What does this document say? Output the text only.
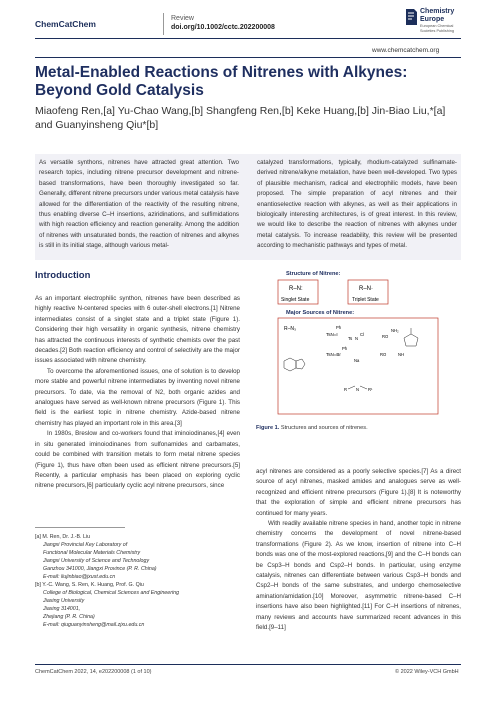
ChemCatChem
Review
doi.org/10.1002/cctc.202200008
Chemistry
Europe
European Chemical
Societies Publishing
www.chemcatchem.org
Metal-Enabled Reactions of Nitrenes with Alkynes: Beyond Gold Catalysis
Miaofeng Ren,[a] Yu-Chao Wang,[b] Shangfeng Ren,[b] Keke Huang,[b] Jin-Biao Liu,*[a] and Guanyinsheng Qiu*[b]
As versatile synthons, nitrenes have attracted great attention. Two research topics, including nitrene precursor development and nitrene-based transformations, have been thoroughly investigated so far. Generally, different nitrene precursors under various metal catalysis have allowed for the differentiation of the reactivity of the resulting nitrene, thus enabling diverse C–H insertions, aziridinations, and sulfimidations with high reaction efficiency and reaction generality. Among the addition of nitrenes with unsaturated bonds, the reaction of nitrenes and alkynes is still in its initial stage, although various metal-
catalyzed transformations, typically, rhodium-catalyzed sulfinamate-derived nitrene/alkyne metalation, have been well-developed. Two types of plausible mechanism, radical and electrophilic models, have been proposed. The simple preparation of acyl nitrenes and their enantioselective reaction with alkynes, as well as their applications in biologically interesting architectures, is of great interest. In this review, we would like to describe the reaction of nitrenes with alkynes under metal catalysis. To increase readability, this review will be presented according to mechanistic pathways and types of metal.
Introduction

As an important electrophilic synthon, nitrenes have been described as highly reactive N-centered species with 6 outer-shell electrons.[1] Nitrene intermediates consist of a singlet state and a triplet state (Figure 1). Considering their high versatility in organic synthesis, nitrene chemistry has attracted the continuous interests of synthetic chemists over the past decades.[2] Both reaction efficiency and control of selectivity are the major issues associated with nitrene chemistry.

To overcome the aforementioned issues, one of solution is to develop more stable and powerful nitrene intermediates by inventing novel nitrene precursors. To date, via the removal of N2, both organic azides and analogues have served as well-known nitrene precursors (Figure 1). This field is the earliest topic in nitrene chemistry. Azide-based nitrene chemistry has played an important role in this area.[3]

In 1980s, Breslow and co-workers found that iminoiodinanes,[4] even in situ generated iminoiodinanes from sulfonamides and carbamates, could be combined with transition metals to form metal nitrene species (Figure 1), thus have often been used as efficient nitrene precursors.[5] Recently, a particular emphasis has been placed on exploring cyclic nitrene precursors,[6] particularly cyclic acyl nitrene precursors, since

Structure of Nitrene:
R–N:
Singlet State
R–N·
Triplet State
Major Sources of Nitrene:
R–N₃
TsN=I
Ph
TsN=Br
Ph
Ts N
Cl
Na
RO
NH₂
RO	NH
R N R¹
Figure 1. Structures and sources of nitrenes.

acyl nitrenes are considered as a poorly selective species.[7] As a direct source of acyl nitrenes, masked amides and analogues serve as well-recognized and efficient nitrene precursors (Figure 1).[8] It is noteworthy that the exploration of simple and efficient nitrene precursors has continued for many years.

With readily available nitrene species in hand, another topic in nitrene chemistry concerns the development of novel nitrene-based transformations (Figure 2). As we know, insertion of nitrene into C–H bonds was one of the most-explored reactions,[9] and the C–H bonds can be Csp3–H bonds and Csp2–H bonds. In particular, using enzyme catalysis, nitrenes can differentiate between various Csp3–H bonds and Csp2–H bonds of the same substrates, and undergo chemoselective amination/amidation.[10] Moreover, asymmetric nitrene-based C–H insertions have also been highlighted.[11] For C–H insertions of nitrenes, many reviews and accounts have summarized recent advances in this field.[9–11]

[a] M. Ren, Dr. J.-B. Liu
Jiangxi Provincial Key Laboratory of
Functional Molecular Materials Chemistry
Jiangxi University of Science and Technology
Ganzhou 341000, Jiangxi Province (P. R. China)
E-mail: liujinbiao@jxust.edu.cn
[b] Y.-C. Wang, S. Ren, K. Huang, Prof. G. Qiu
College of Biological, Chemical Sciences and Engineering
Jiaxing University
Jiaxing 314001,
Zhejiang (P. R. China)
E-mail: qiuguanyinsheng@mail.zjxu.edu.cn
ChemCatChem 2022, 14, e202200008 (1 of 10)	© 2022 Wiley-VCH GmbH
